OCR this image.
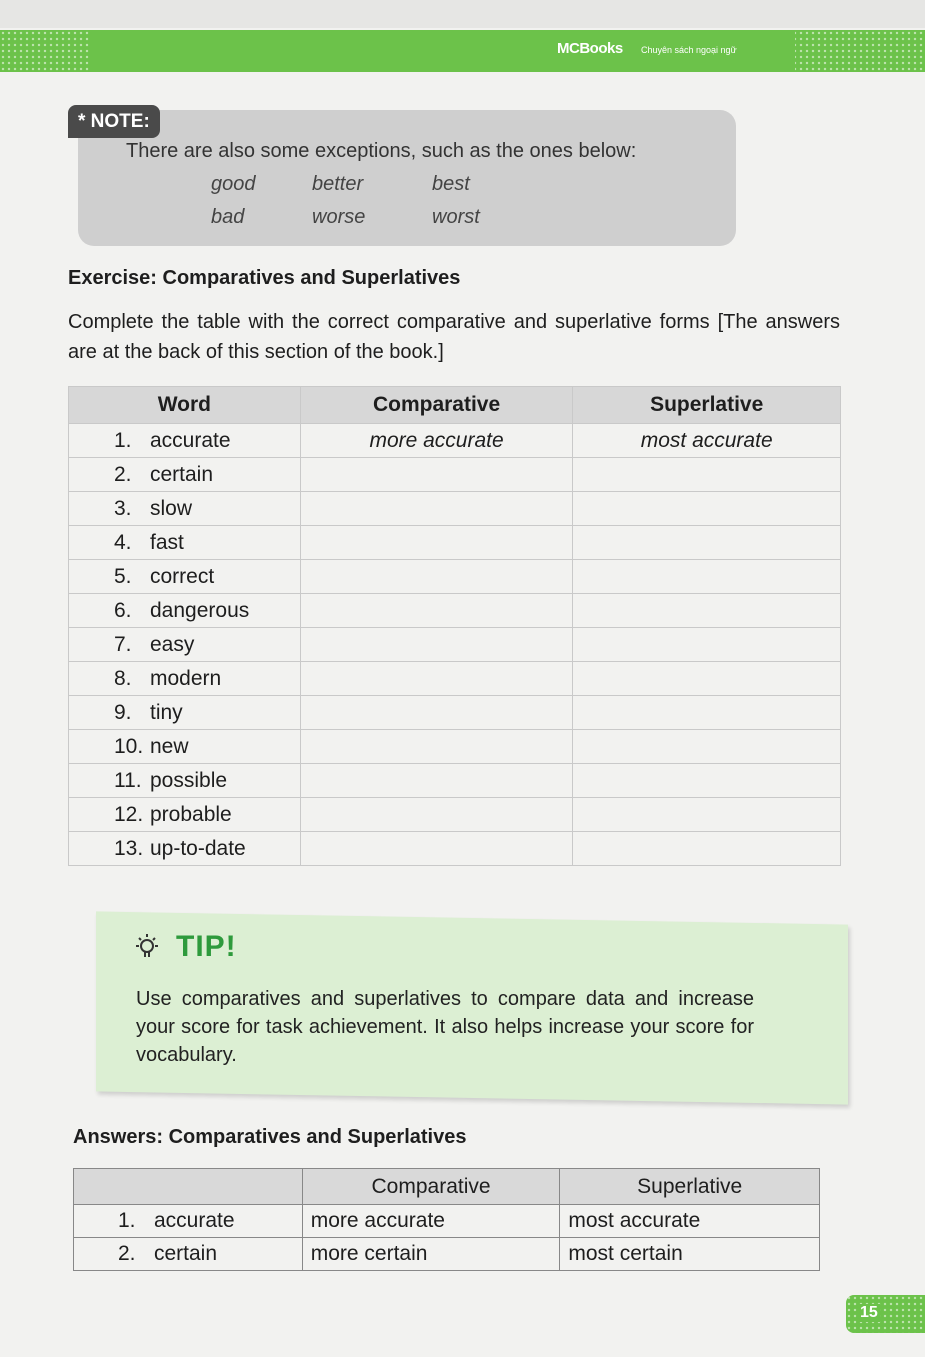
MCBooks Chuyên sách ngoại ngữ
* NOTE:
There are also some exceptions, such as the ones below:
good	better	best
bad	worse	worst
Exercise: Comparatives and Superlatives
Complete the table with the correct comparative and superlative forms [The answers are at the back of this section of the book.]
Word	Comparative	Superlative
1. accurate	more accurate	most accurate
2. certain		
3. slow		
4. fast		
5. correct		
6. dangerous		
7. easy		
8. modern		
9. tiny		
10. new		
11. possible		
12. probable		
13. up-to-date		
TIP!
Use comparatives and superlatives to compare data and increase your score for task achievement. It also helps increase your score for vocabulary.
Answers: Comparatives and Superlatives
	Comparative	Superlative
1. accurate	more accurate	most accurate
2. certain	more certain	most certain
15
